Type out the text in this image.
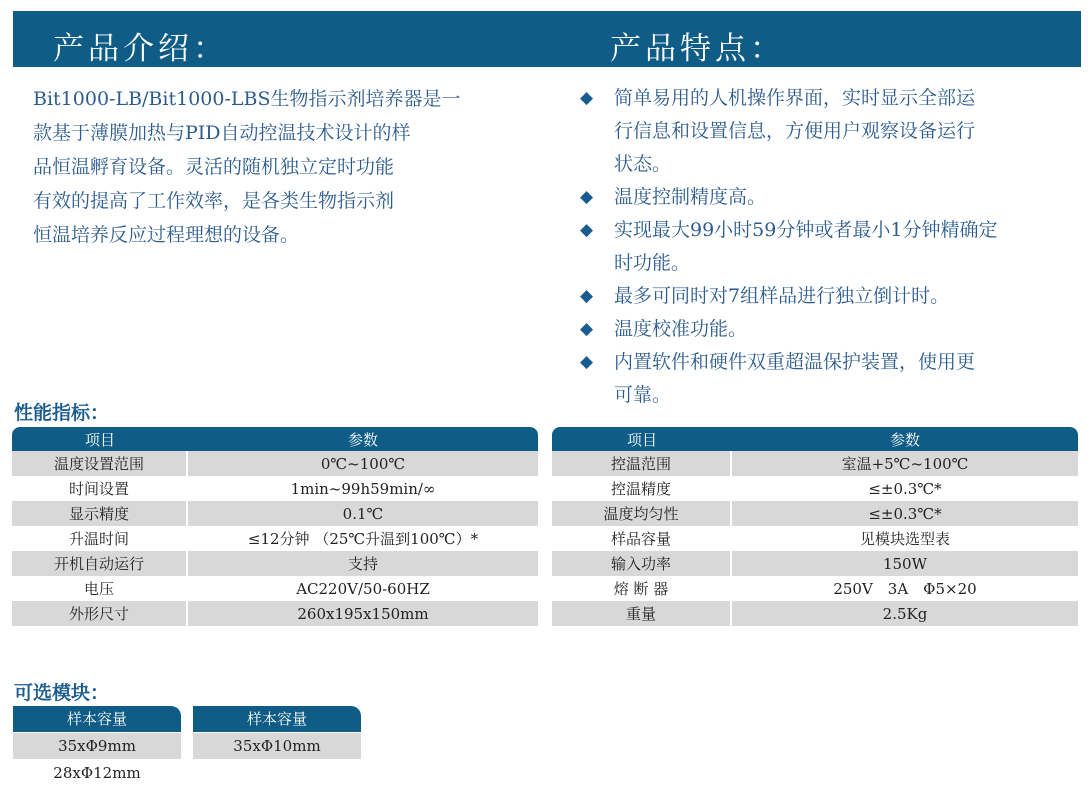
产品介绍：	产品特点：
Bit1000-LB/Bit1000-LBS生物指示剂培养器是一
款基于薄膜加热与PID自动控温技术设计的样
品恒温孵育设备。灵活的随机独立定时功能
有效的提高了工作效率，是各类生物指示剂
恒温培养反应过程理想的设备。
◆ 简单易用的人机操作界面，实时显示全部运
行信息和设置信息，方便用户观察设备运行
状态。
◆ 温度控制精度高。
◆ 实现最大99小时59分钟或者最小1分钟精确定
时功能。
◆ 最多可同时对7组样品进行独立倒计时。
◆ 温度校准功能。
◆ 内置软件和硬件双重超温保护装置，使用更
可靠。
性能指标：
项目	参数
温度设置范围	0℃~100℃
时间设置	1min~99h59min/∞
显示精度	0.1℃
升温时间	≤12分钟 （25℃升温到100℃）*
开机自动运行	支持
电压	AC220V/50-60HZ
外形尺寸	260x195x150mm
项目	参数
控温范围	室温+5℃~100℃
控温精度	≤±0.3℃*
温度均匀性	≤±0.3℃*
样品容量	见模块选型表
输入功率	150W
熔 断 器	250V　3A　Φ5×20
重量	2.5Kg
可选模块：
样本容量	样本容量
35xΦ9mm	35xΦ10mm
28xΦ12mm
